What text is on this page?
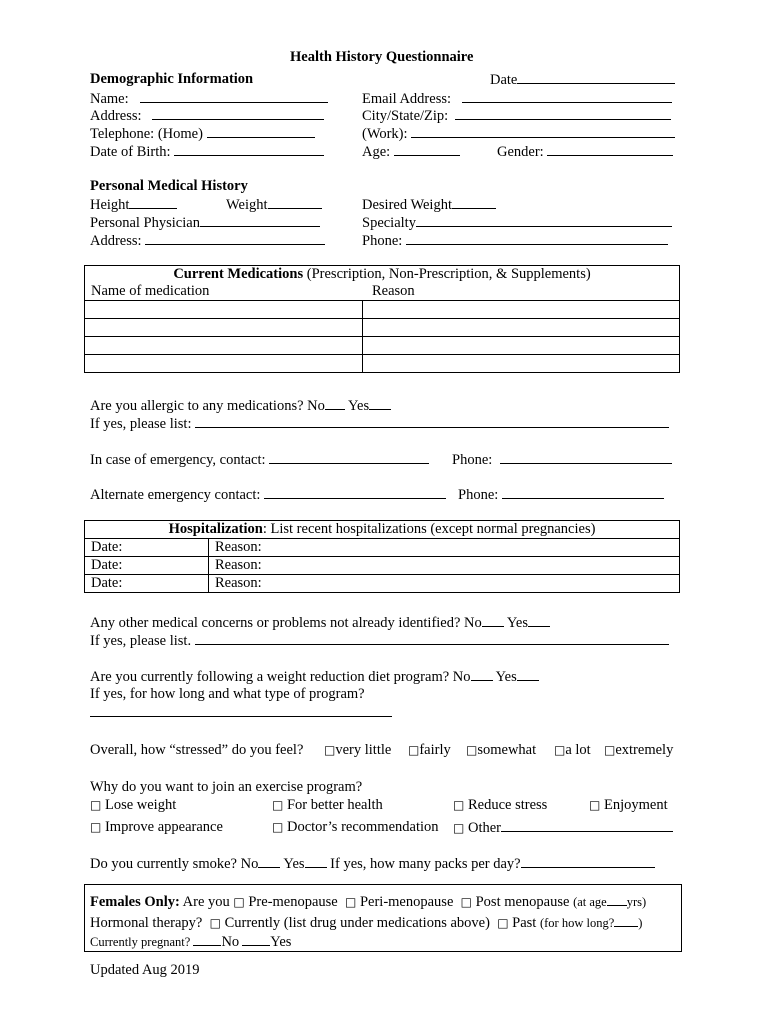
Health History Questionnaire
Demographic Information	Date
Name:	Email Address:
Address:	City/State/Zip:
Telephone: (Home)	(Work):
Date of Birth:	Age:	Gender:
Personal Medical History
Height	Weight	Desired Weight
Personal Physician	Specialty
Address:	Phone:
Current Medications (Prescription, Non-Prescription, & Supplements)	
Name of medication	Reason

Are you allergic to any medications? No Yes
If yes, please list:
In case of emergency, contact:	Phone:
Alternate emergency contact:	Phone:
Hospitalization: List recent hospitalizations (except normal pregnancies)	
Date:	Reason:
Date:	Reason:
Date:	Reason:
Any other medical concerns or problems not already identified? No Yes
If yes, please list.
Are you currently following a weight reduction diet program? No Yes
If yes, for how long and what type of program?
Overall, how “stressed” do you feel? □very little □fairly □somewhat □a lot □extremely
Why do you want to join an exercise program?
□ Lose weight	□ For better health	□ Reduce stress	□ Enjoyment
□ Improve appearance	□ Doctor’s recommendation □ Other
Do you currently smoke? No Yes If yes, how many packs per day?
Females Only: Are you □ Pre-menopause □ Peri-menopause □ Post menopause (at age yrs)
Hormonal therapy? □ Currently (list drug under medications above) □ Past (for how long? )
Currently pregnant? No Yes
Updated Aug 2019
